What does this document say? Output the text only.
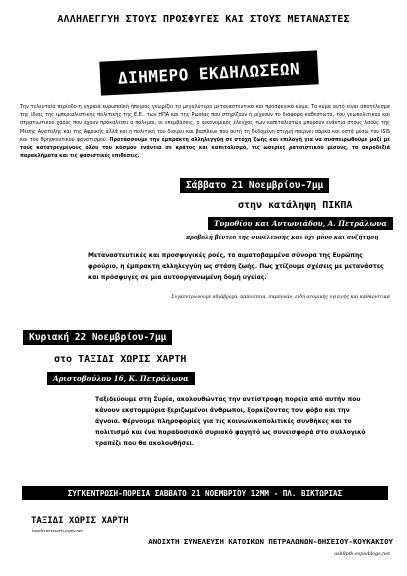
ΑΛΛΗΛΕΓΓΥΗ ΣΤΟΥΣ ΠΡΟΣΦΥΓΕΣ ΚΑΙ ΣΤΟΥΣ ΜΕΤΑΝΑΣΤΕΣ
ΔΙΗΜΕΡΟ ΕΚΔΗΛΩΣΕΩΝ
Την τελευταία περίοδο η γηραιά ευρωπαϊκή ήπειρος γνωρίζει το μεγαλύτερο μεταναστευτικό και προσφυγικό κύμα. Το κύμα αυτό είναι αποτέλεσμα της ίδιας της ιμπεριαλιστικής πολιτικής της Ε.Ε., των ΗΠΑ και της Ρωσίας που στηρίζουν ή ρίχνουν το διάφορο καθεστώτα, του γεωπολιτικού και στρατιωτικού χάους που έχουν προκαλέσει ο πόλεμοι, οι επεμβάσεις, ο οικονομικός έλεγχος των καπιταλιστών μπορούν ενάντια στους λαούς της Μέσης Ανατολής και της Αφρικής αλλά και η πολιτική του διαίρει και βασίλευε που αυτή τη δεδομένη στιγμή παίρνει σάρκα και οστά μέσω του ISIS και του θρησκευτικού φανατισμού. Προτάσσουμε την έμπρακτη αλληλεγγύη σε στόχη ζωής και επιλογή για να συσπειρωθούμε μαζί με τους κατατρεγμένους όλου του κόσμου ενάντια σε κράτος και καπιταλισμό, τις ωσερίες ρατσιστικού μίσους, τα ακροδεξιά παρακλήματα και τις φασιστικές επιθέσεις.
Σάββατο 21 Νοεμβρίου-7μμ
στην κατάληψη ΠΙΚΠΑ
Τυμοθίου και Αντωνιάδου, Α. Πετράλωνα
προβολή βίντεο της συνέλευσης και όχι μόνο και συζήτηση
Μεταναστευτικές και προσφυγικές ροές, τα αιματοβαμμένα σύνορα της Ευρώπης φρούριο, η έμπρακτη αλληλεγγύη ως στάση ζωής. Πως χτίζουμε σχέσεις με μετανάστες και πρόσφυγες σε μια αυτοοργανωμένη δομή υγείας.
Συγκεντρώνουμε αδιάβροχα, παπούτσια, σαμπουάν, είδη ατομικής υγιεινής και καθαριστικά
Κυριακή 22 Νοεμβρίου-7μμ
στο ΤΑΞΙΔΙ ΧΩΡΙΣ ΧΑΡΤΗ
Αριστοβούλου 16, Κ. Πετράλωνα
Ταξιδεύουμε στη Συρία, ακολουθώντας την αντίστροφη πορεία από αυτήν που κάνουν εκατομμύρια ξεριζωμένοι άνθρωποι, ξορκίζοντας τον φόβο και την άγνοια. Φέρνουμε πληροφορίες για τις κοινωνικοπολιτικές συνθήκες και το πολιτισμό και ένα παραδοσιακό συριακό φαγητό ως συνεισφορά στο συλλογικό τραπέζι που θα ακολουθήσει.
ΣΥΓΚΕΝΤΡΩΣΗ-ΠΟΡΕΙΑ ΣΑΒΒΑΤΟ 21 ΝΟΕΜΒΡΙΟΥ 12ΜΜ - ΠΛ. ΒΙΚΤΩΡΙΑΣ
ΤΑΞΙΔΙ ΧΩΡΙΣ ΧΑΡΤΗ
taxidixwrisxarti.espiv.net
ΑΝΟΙΧΤΗ ΣΥΝΕΛΕΥΣΗ ΚΑΤΟΙΚΩΝ ΠΕΤΡΑΛΩΝΩΝ-ΘΗΣΕΙΟΥ-ΚΟΥΚΑΚΙΟΥ
ask8ptk.espivblogs.net
